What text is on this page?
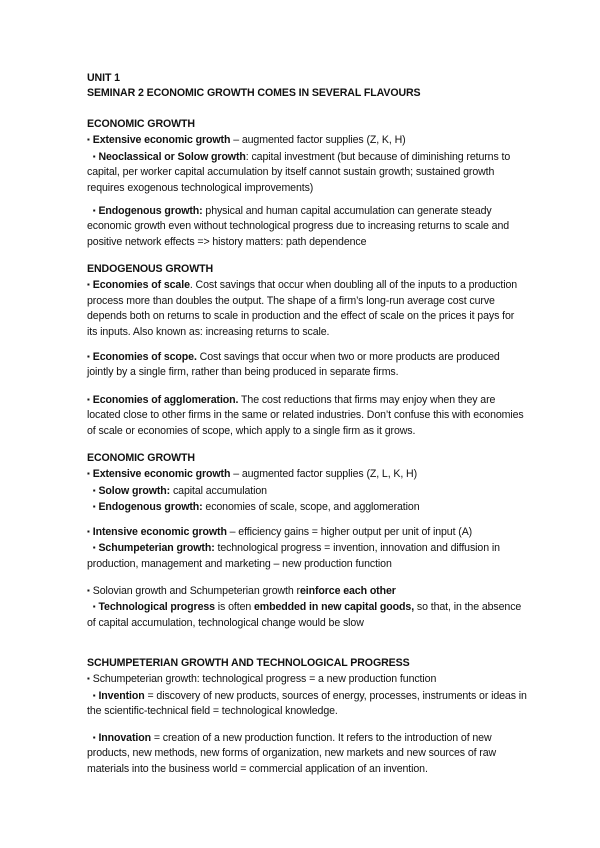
UNIT 1
SEMINAR 2 ECONOMIC GROWTH COMES IN SEVERAL FLAVOURS
ECONOMIC GROWTH
▪ Extensive economic growth – augmented factor supplies (Z, K, H)
▪ Neoclassical or Solow growth: capital investment (but because of diminishing returns to capital, per worker capital accumulation by itself cannot sustain growth; sustained growth requires exogenous technological improvements)
▪ Endogenous growth: physical and human capital accumulation can generate steady economic growth even without technological progress due to increasing returns to scale and positive network effects => history matters: path dependence
ENDOGENOUS GROWTH
▪ Economies of scale. Cost savings that occur when doubling all of the inputs to a production process more than doubles the output. The shape of a firm’s long-run average cost curve depends both on returns to scale in production and the effect of scale on the prices it pays for its inputs. Also known as: increasing returns to scale.
▪ Economies of scope. Cost savings that occur when two or more products are produced jointly by a single firm, rather than being produced in separate firms.
▪ Economies of agglomeration. The cost reductions that firms may enjoy when they are located close to other firms in the same or related industries. Don’t confuse this with economies of scale or economies of scope, which apply to a single firm as it grows.
ECONOMIC GROWTH
▪ Extensive economic growth – augmented factor supplies (Z, L, K, H)
▪ Solow growth: capital accumulation
▪ Endogenous growth: economies of scale, scope, and agglomeration
▪ Intensive economic growth – efficiency gains = higher output per unit of input (A)
▪ Schumpeterian growth: technological progress = invention, innovation and diffusion in production, management and marketing – new production function
▪ Solovian growth and Schumpeterian growth reinforce each other
▪ Technological progress is often embedded in new capital goods, so that, in the absence of capital accumulation, technological change would be slow
SCHUMPETERIAN GROWTH AND TECHNOLOGICAL PROGRESS
▪ Schumpeterian growth: technological progress = a new production function
▪ Invention = discovery of new products, sources of energy, processes, instruments or ideas in the scientific-technical field = technological knowledge.
▪ Innovation = creation of a new production function. It refers to the introduction of new products, new methods, new forms of organization, new markets and new sources of raw materials into the business world = commercial application of an invention.
